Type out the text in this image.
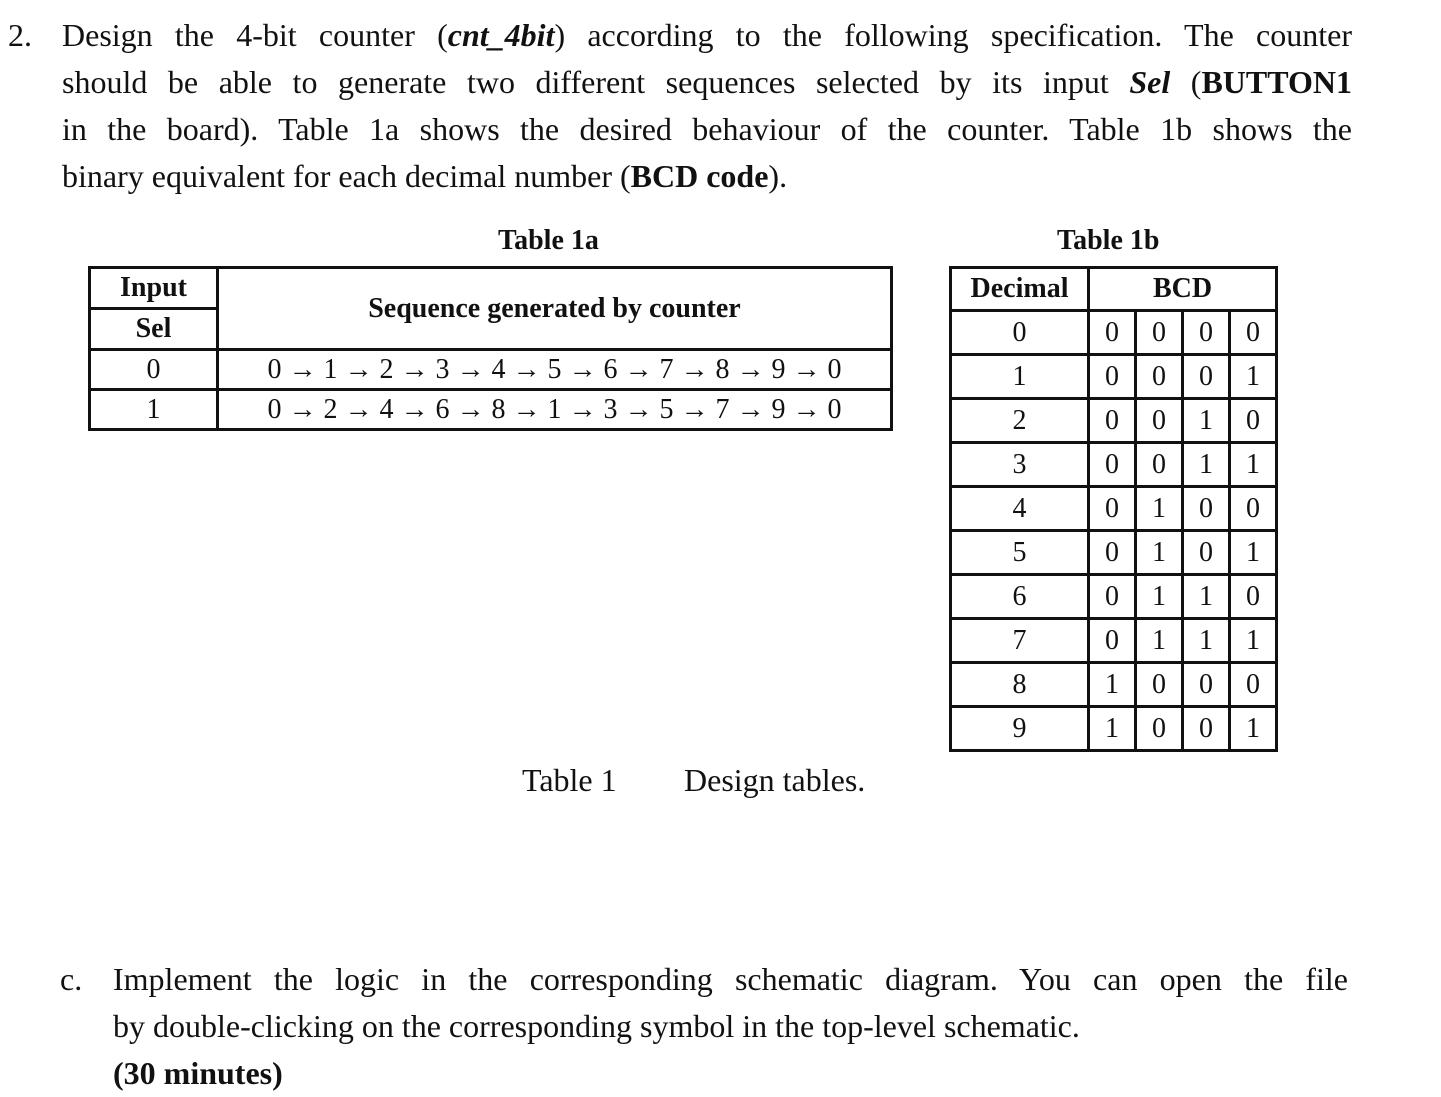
2. Design the 4-bit counter (cnt_4bit) according to the following specification. The counter
should be able to generate two different sequences selected by its input Sel (BUTTON1
in the board). Table 1a shows the desired behaviour of the counter. Table 1b shows the
binary equivalent for each decimal number (BCD code).
Table 1a
Input	Sequence generated by counter
Sel	
0	0 → 1 → 2 → 3 → 4 → 5 → 6 → 7 → 8 → 9 → 0
1	0 → 2 → 4 → 6 → 8 → 1 → 3 → 5 → 7 → 9 → 0
Table 1b
Decimal	BCD			
0	0	0	0	0
1	0	0	0	1
2	0	0	1	0
3	0	0	1	1
4	0	1	0	0
5	0	1	0	1
6	0	1	1	0
7	0	1	1	1
8	1	0	0	0
9	1	0	0	1
Table 1 Design tables.
c. Implement the logic in the corresponding schematic diagram. You can open the file
by double-clicking on the corresponding symbol in the top-level schematic.
(30 minutes)
